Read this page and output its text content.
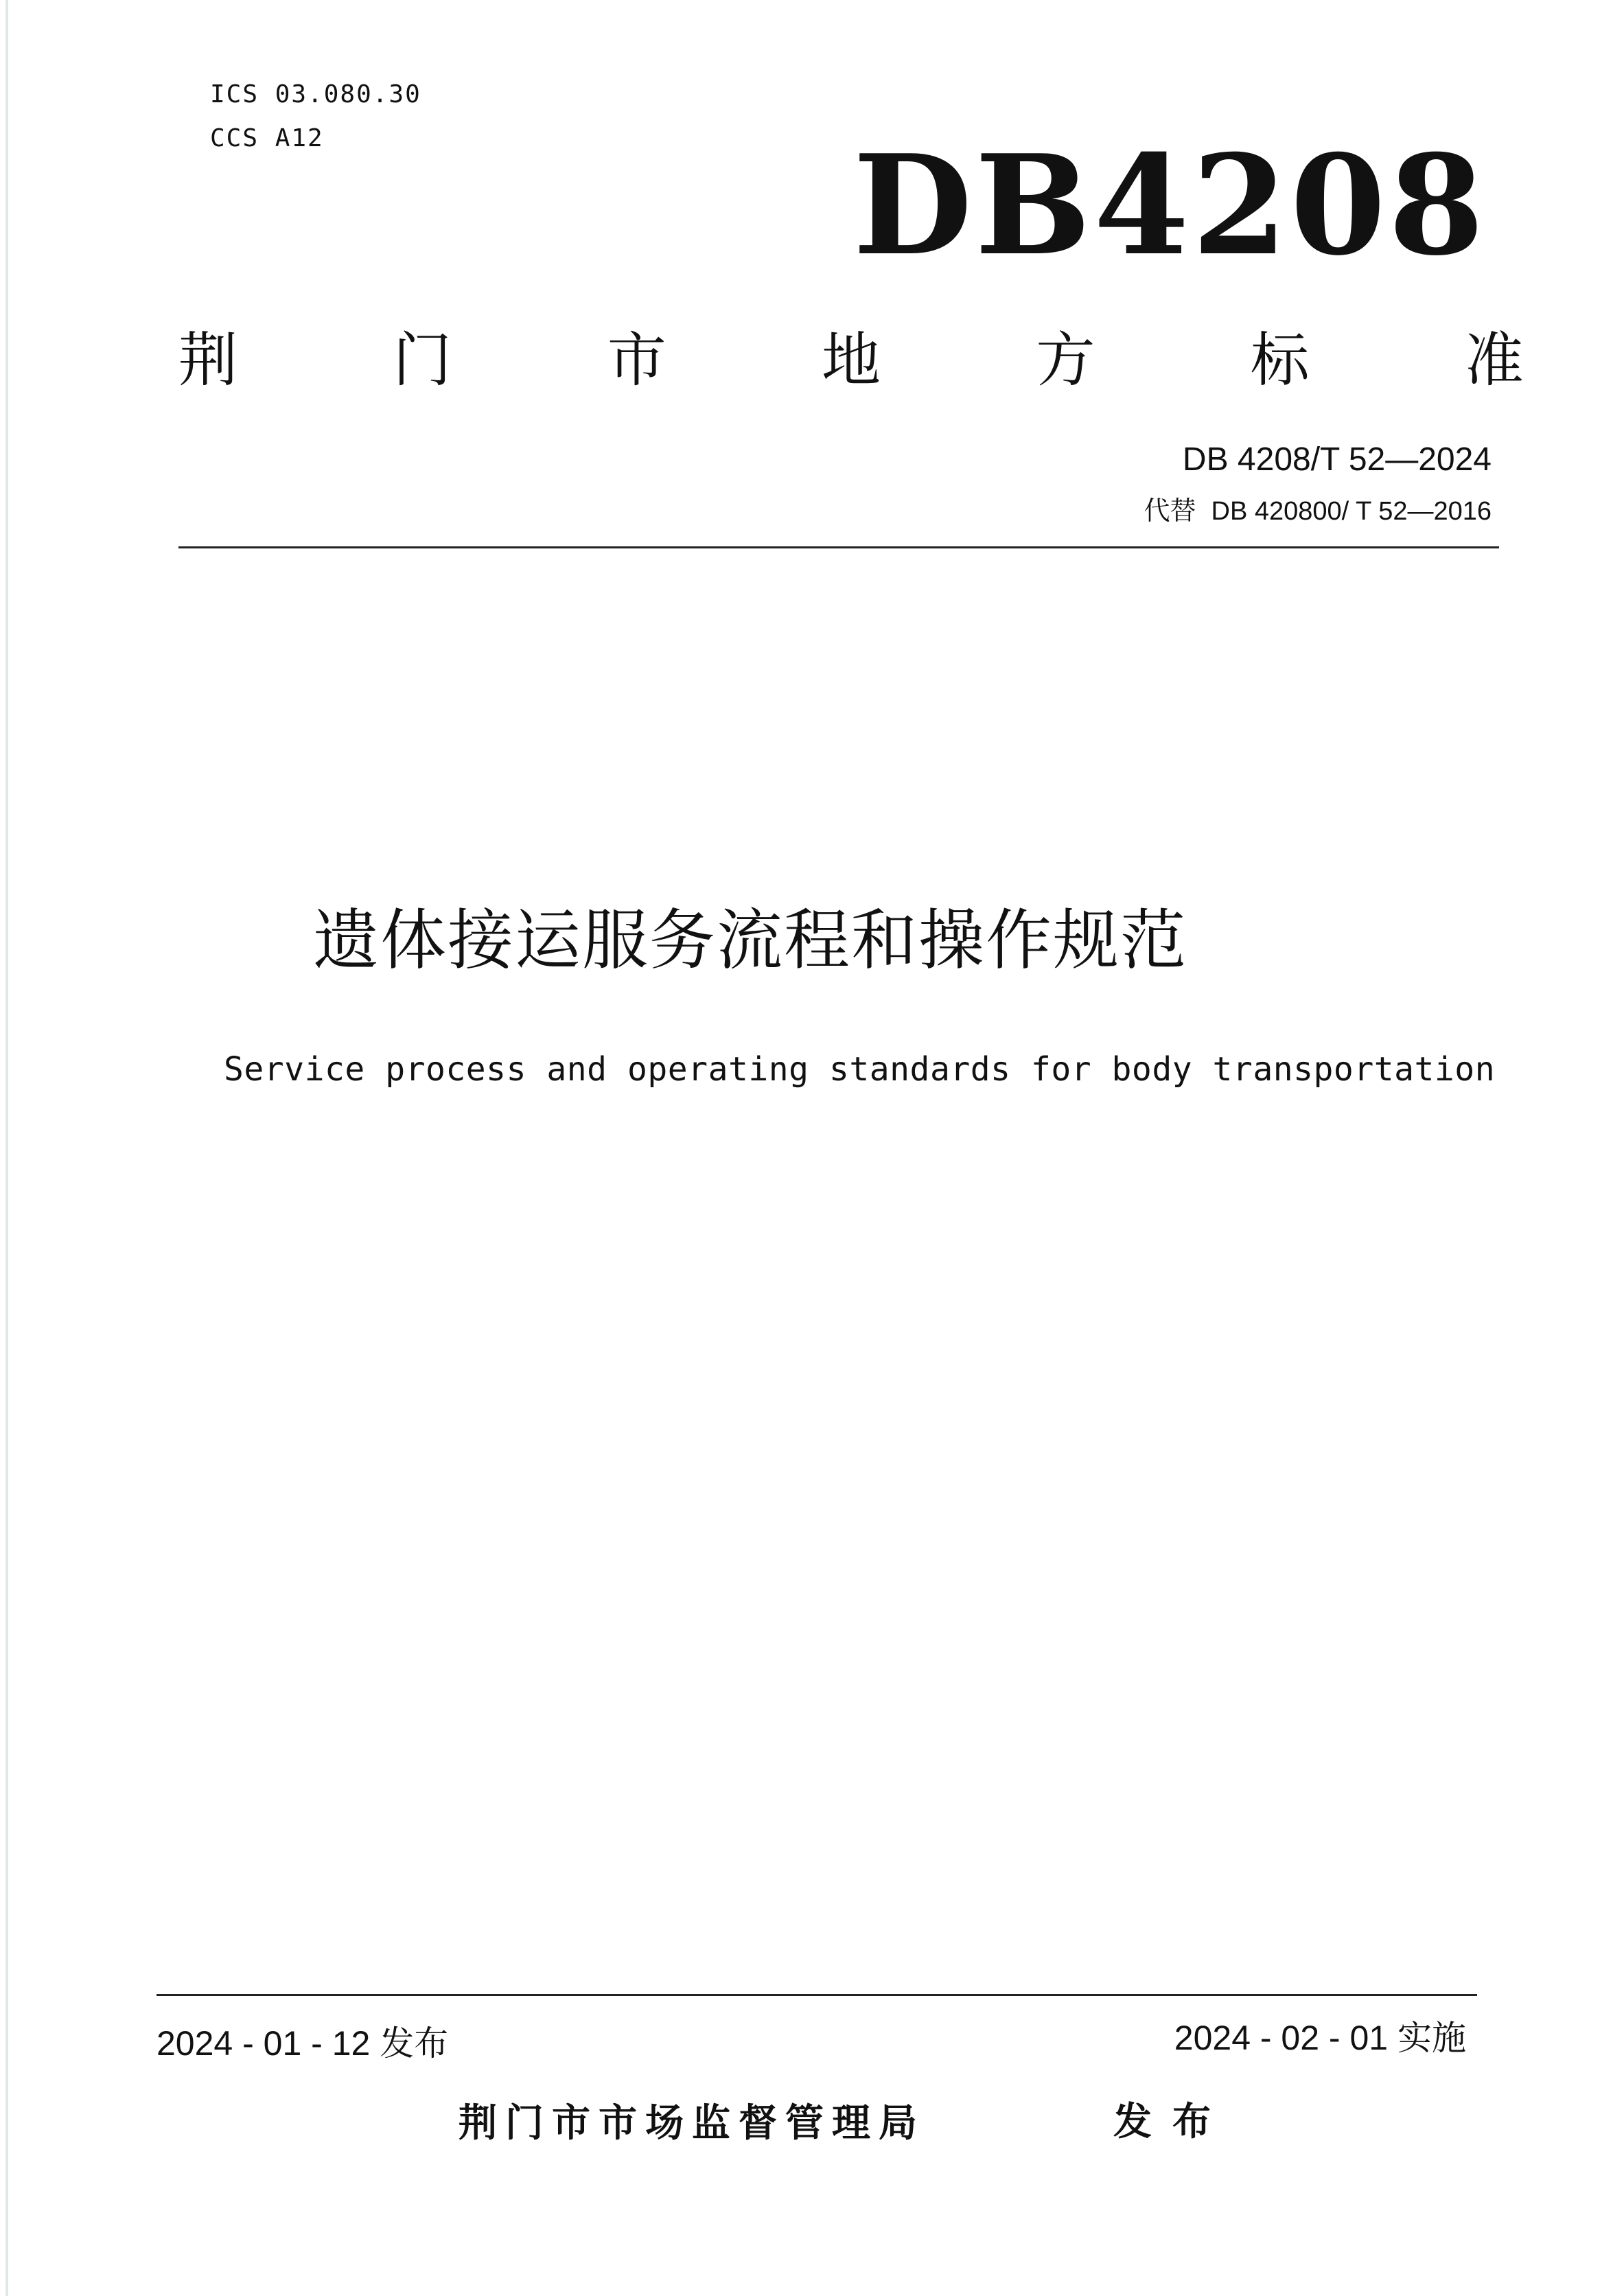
ICS 03.080.30
CCS A12	DB4208
荆	门	市	地	方	标	准
DB 4208/T 52—2024
代替 DB 420800/ T 52—2016
遗体接运服务流程和操作规范
Service process and operating standards for body transportation
2024 - 01 - 12 发布	2024 - 02 - 01 实施
荆门市市场监督管理局	发布
